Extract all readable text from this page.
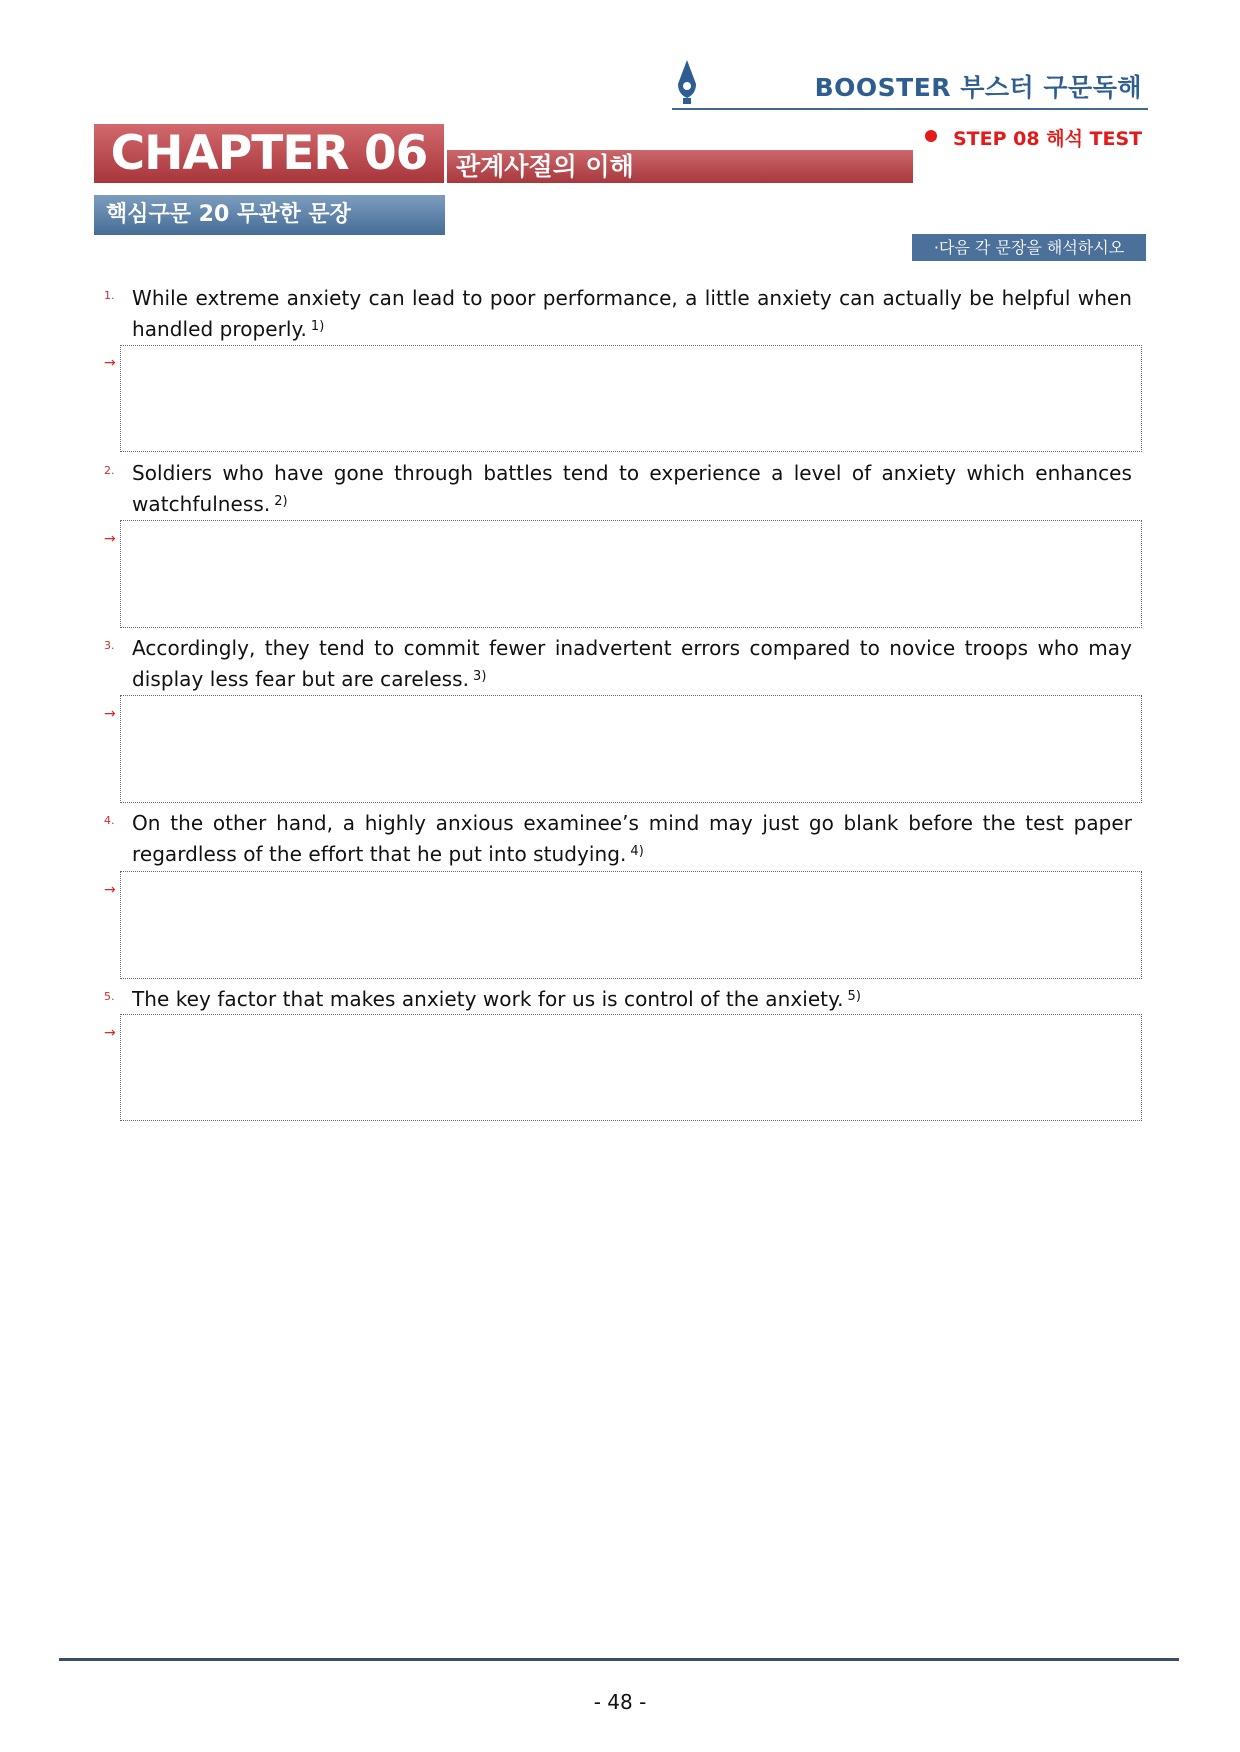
BOOSTER 부스터 구문독해
CHAPTER 06	관계사절의 이해
STEP 08 해석 TEST
핵심구문 20 무관한 문장
·다음 각 문장을 해석하시오
1. While extreme anxiety can lead to poor performance, a little anxiety can actually be helpful when handled properly. $^{1)}$
→
2. Soldiers who have gone through battles tend to experience a level of anxiety which enhances watchfulness. $^{2)}$
→
3. Accordingly, they tend to commit fewer inadvertent errors compared to novice troops who may display less fear but are careless. $^{3)}$
→
4. On the other hand, a highly anxious examinee’s mind may just go blank before the test paper regardless of the effort that he put into studying. $^{4)}$
→
5. The key factor that makes anxiety work for us is control of the anxiety. $^{5)}$
→
- 48 -
